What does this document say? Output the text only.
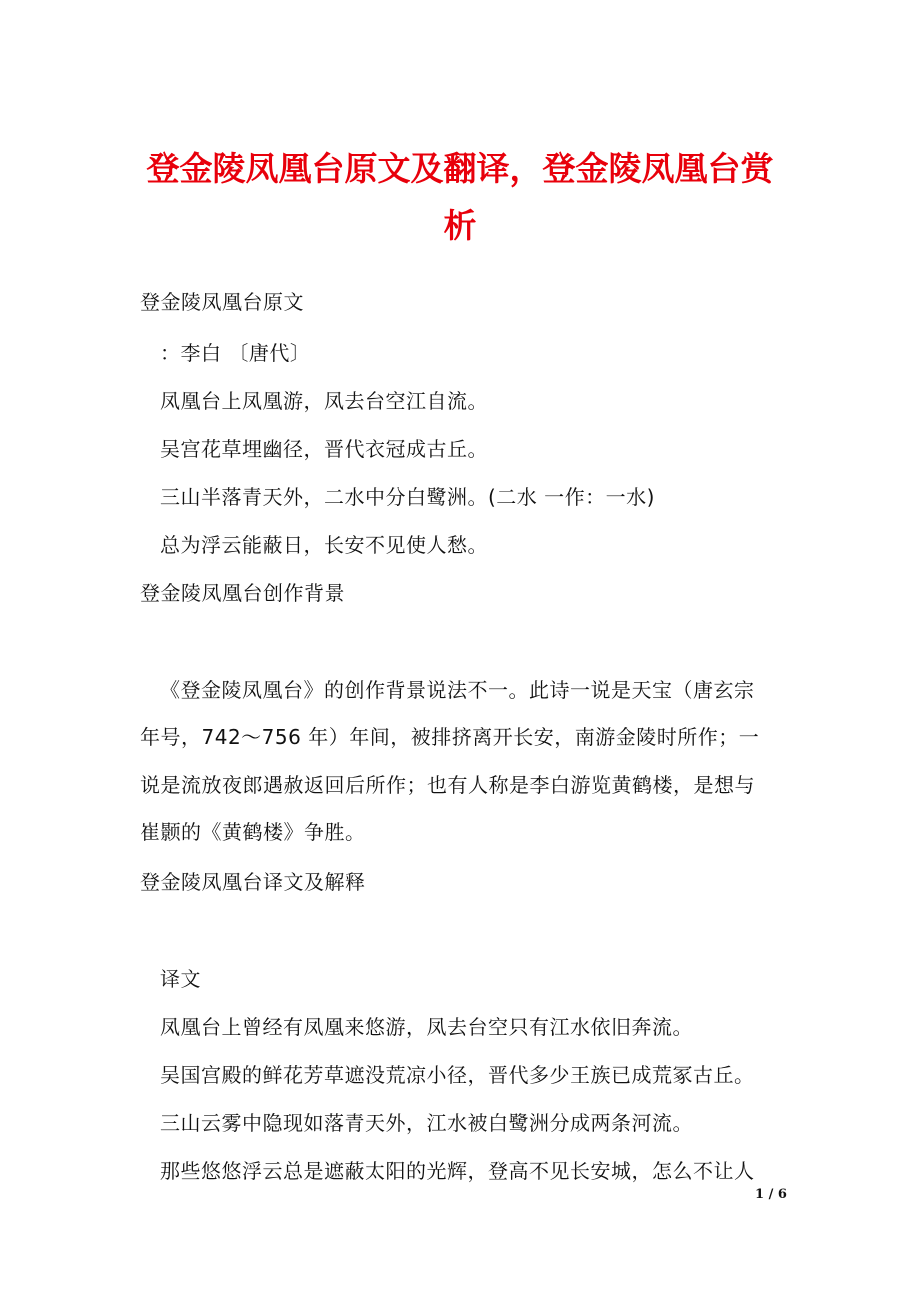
登金陵凤凰台原文及翻译，登金陵凤凰台赏
析
登金陵凤凰台原文
：李白 〔唐代〕
凤凰台上凤凰游，凤去台空江自流。
吴宫花草埋幽径，晋代衣冠成古丘。
三山半落青天外，二水中分白鹭洲。(二水 一作：一水)
总为浮云能蔽日，长安不见使人愁。
登金陵凤凰台创作背景
《登金陵凤凰台》的创作背景说法不一。此诗一说是天宝（唐玄宗
年号，742～756 年）年间，被排挤离开长安，南游金陵时所作；一
说是流放夜郎遇赦返回后所作；也有人称是李白游览黄鹤楼，是想与
崔颢的《黄鹤楼》争胜。
登金陵凤凰台译文及解释
译文
凤凰台上曾经有凤凰来悠游，凤去台空只有江水依旧奔流。
吴国宫殿的鲜花芳草遮没荒凉小径，晋代多少王族已成荒冢古丘。
三山云雾中隐现如落青天外，江水被白鹭洲分成两条河流。
那些悠悠浮云总是遮蔽太阳的光辉，登高不见长安城，怎么不让人
1 / 6
